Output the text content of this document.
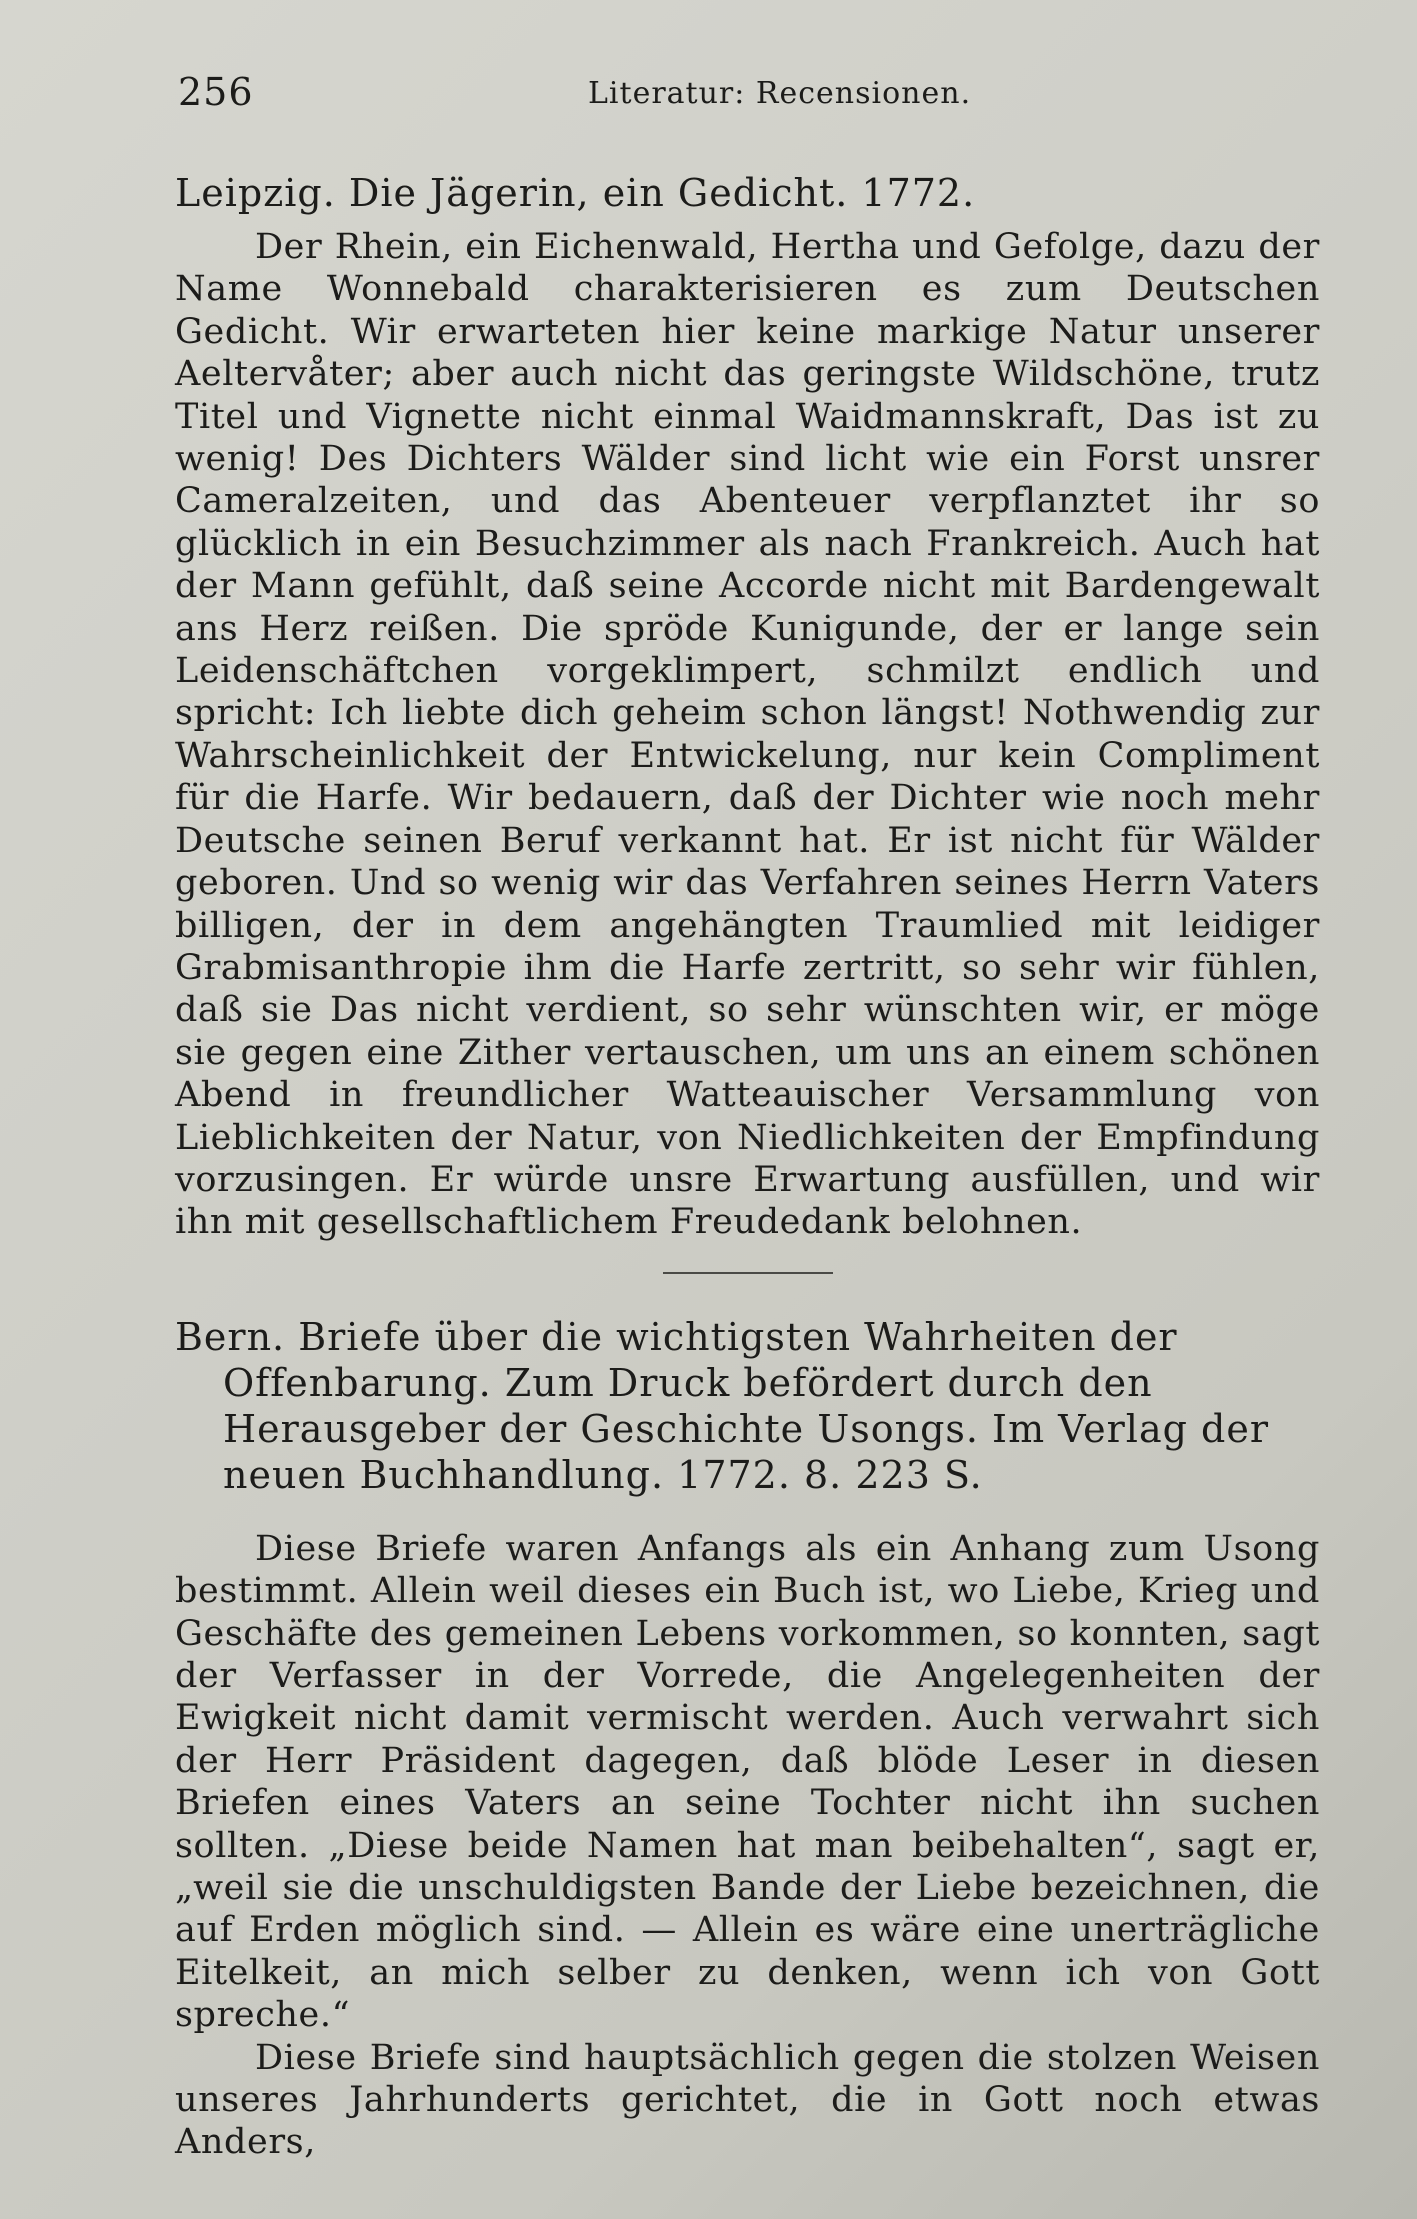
256	Literatur: Recensionen.
Leipzig. Die Jägerin, ein Gedicht. 1772.

Der Rhein, ein Eichenwald, Hertha und Gefolge, dazu der Name Wonnebald charakterisieren es zum Deutschen Gedicht. Wir erwarteten hier keine markige Natur unserer Aeltervåter; aber auch nicht das geringste Wildschöne, trutz Titel und Vignette nicht einmal Waidmannskraft, Das ist zu wenig! Des Dichters Wälder sind licht wie ein Forst unsrer Cameralzeiten, und das Abenteuer verpflanztet ihr so glücklich in ein Besuchzimmer als nach Frankreich. Auch hat der Mann gefühlt, daß seine Accorde nicht mit Bardengewalt ans Herz reißen. Die spröde Kunigunde, der er lange sein Leidenschäftchen vorgeklimpert, schmilzt endlich und spricht: Ich liebte dich geheim schon längst! Nothwendig zur Wahrscheinlichkeit der Entwickelung, nur kein Compliment für die Harfe. Wir bedauern, daß der Dichter wie noch mehr Deutsche seinen Beruf verkannt hat. Er ist nicht für Wälder geboren. Und so wenig wir das Verfahren seines Herrn Vaters billigen, der in dem angehängten Traumlied mit leidiger Grabmisanthropie ihm die Harfe zertritt, so sehr wir fühlen, daß sie Das nicht verdient, so sehr wünschten wir, er möge sie gegen eine Zither vertauschen, um uns an einem schönen Abend in freundlicher Watteauischer Versammlung von Lieblichkeiten der Natur, von Niedlichkeiten der Empfindung vorzusingen. Er würde unsre Erwartung ausfüllen, und wir ihn mit gesellschaftlichem Freudedank belohnen.

Bern. Briefe über die wichtigsten Wahrheiten der Offenbarung. Zum Druck befördert durch den Herausgeber der Geschichte Usongs. Im Verlag der neuen Buchhandlung. 1772. 8. 223 S.

Diese Briefe waren Anfangs als ein Anhang zum Usong bestimmt. Allein weil dieses ein Buch ist, wo Liebe, Krieg und Geschäfte des gemeinen Lebens vorkommen, so konnten, sagt der Verfasser in der Vorrede, die Angelegenheiten der Ewigkeit nicht damit vermischt werden. Auch verwahrt sich der Herr Präsident dagegen, daß blöde Leser in diesen Briefen eines Vaters an seine Tochter nicht ihn suchen sollten. „Diese beide Namen hat man beibehalten“, sagt er, „weil sie die unschuldigsten Bande der Liebe bezeichnen, die auf Erden möglich sind. — Allein es wäre eine unerträgliche Eitelkeit, an mich selber zu denken, wenn ich von Gott spreche.“

Diese Briefe sind hauptsächlich gegen die stolzen Weisen unseres Jahrhunderts gerichtet, die in Gott noch etwas Anders,
